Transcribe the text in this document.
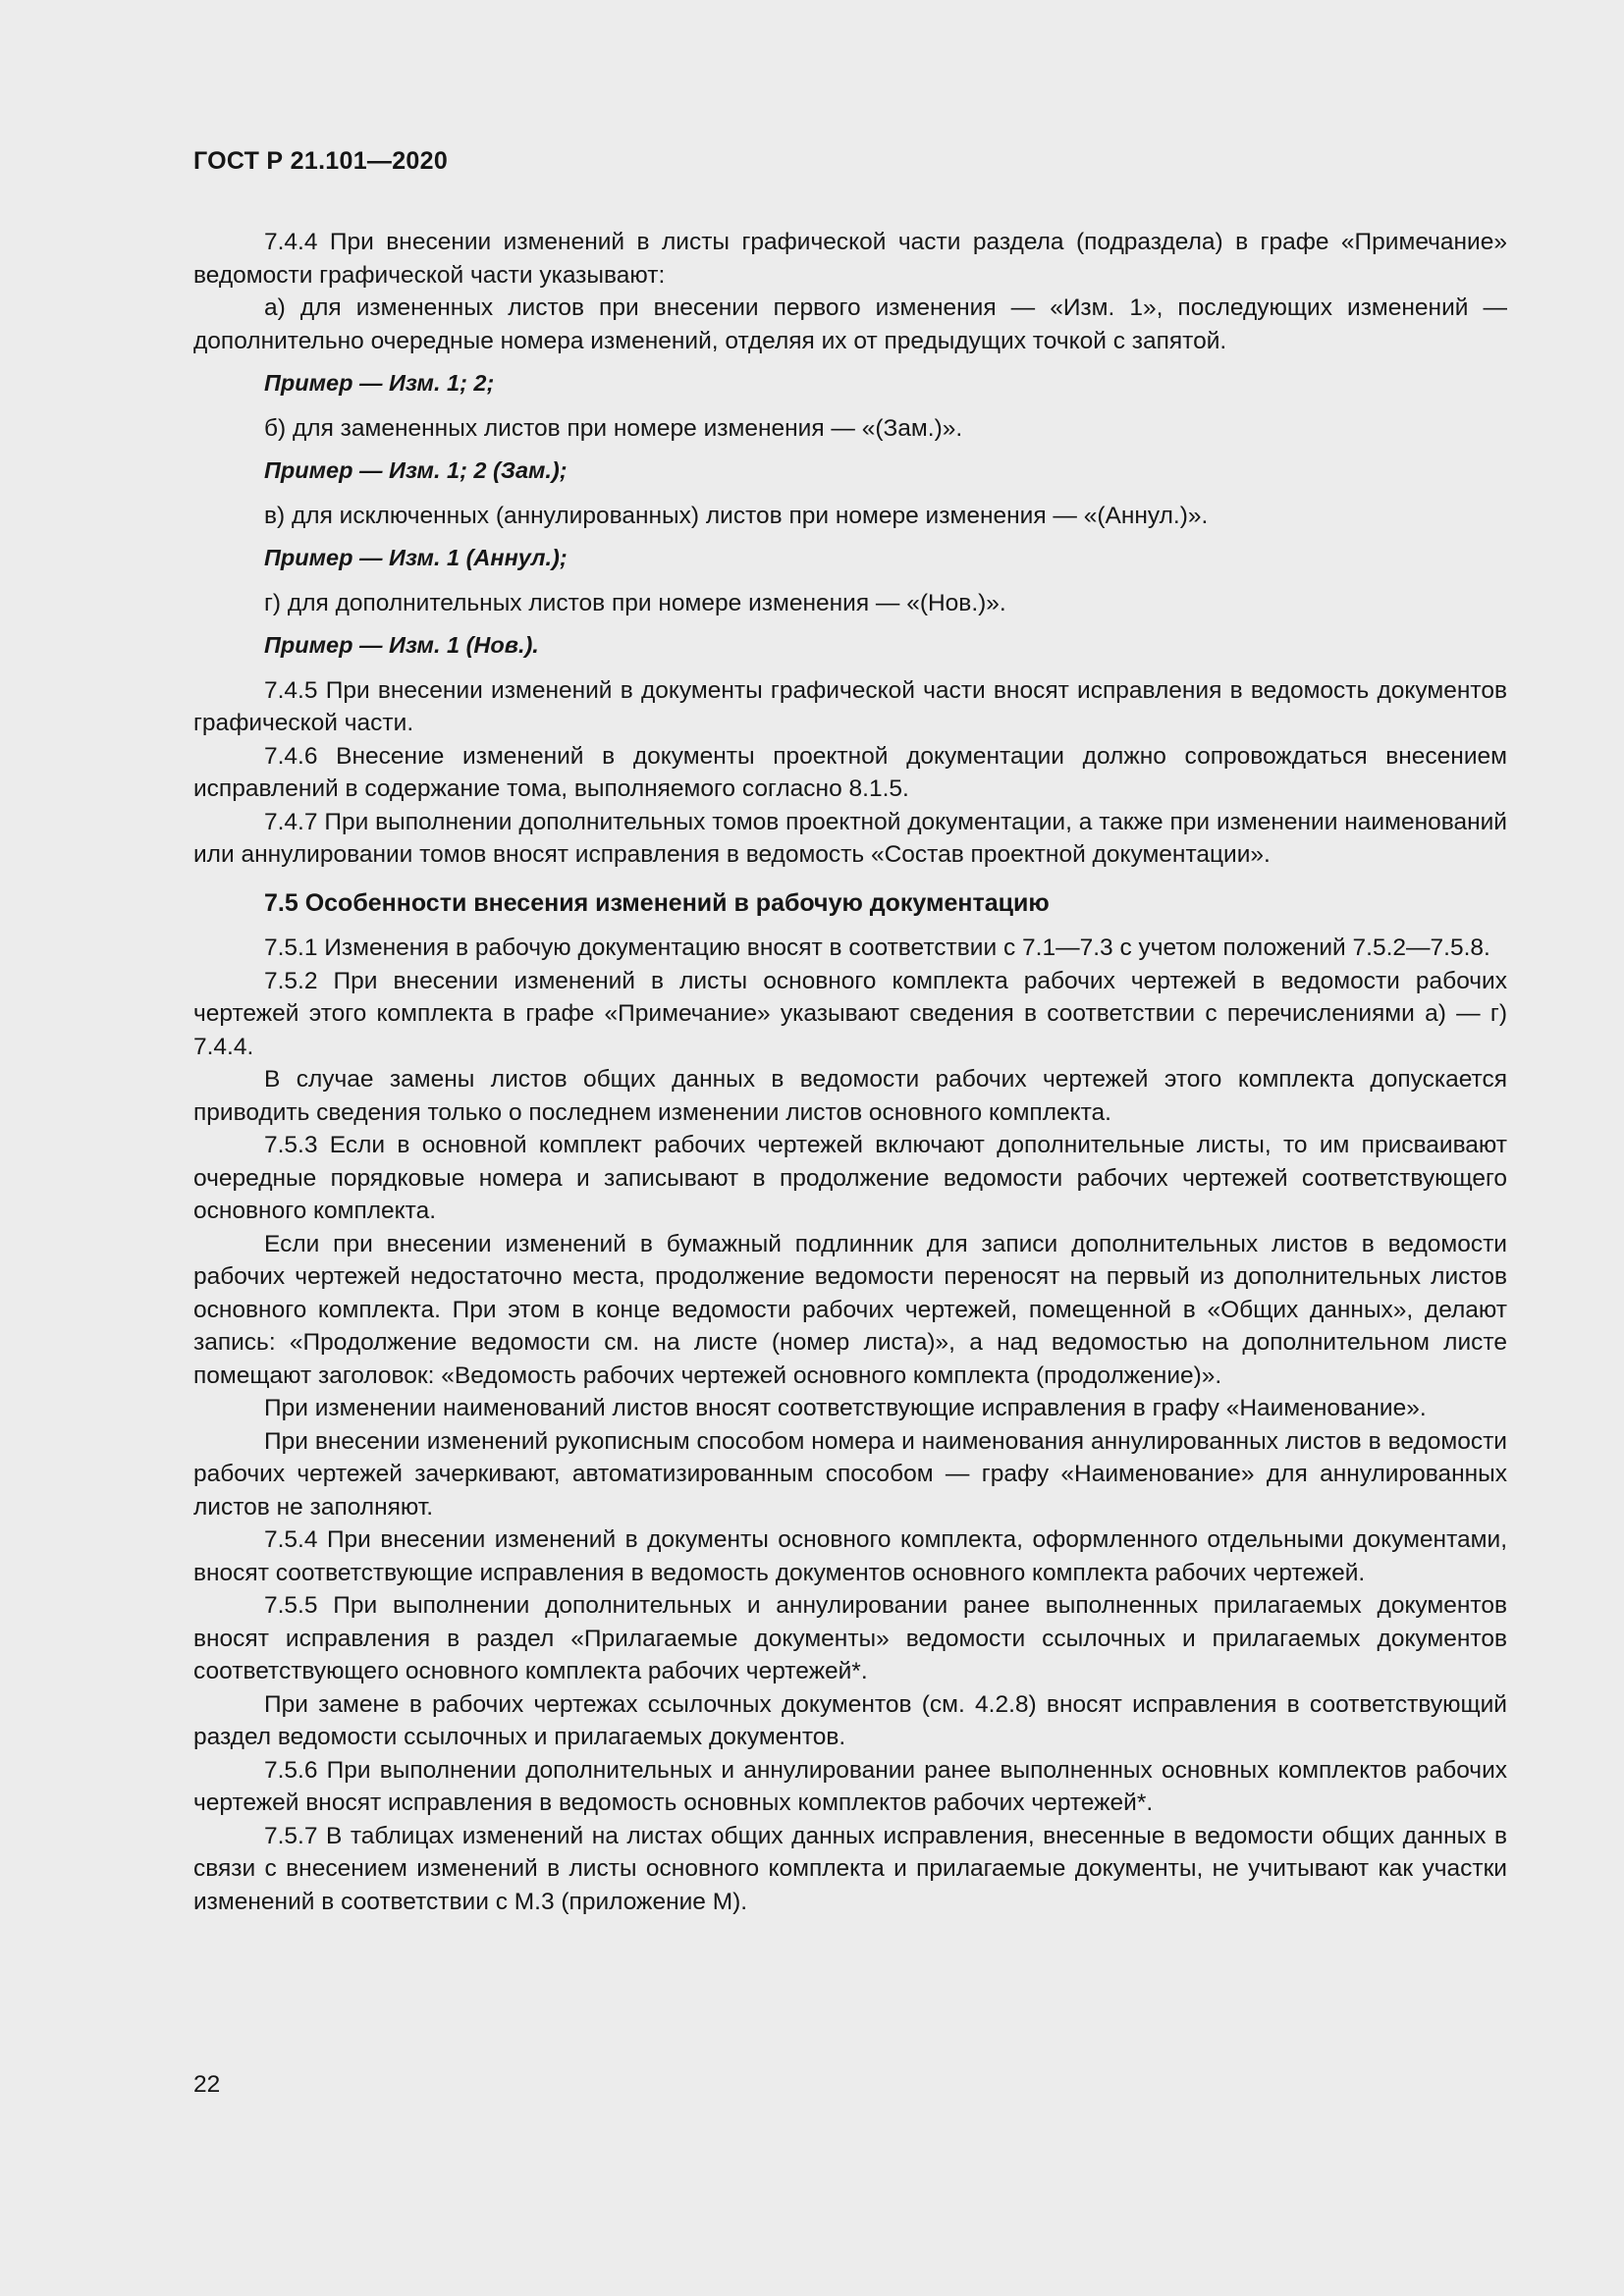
ГОСТ Р 21.101—2020

7.4.4 При внесении изменений в листы графической части раздела (подраздела) в графе «Примечание» ведомости графической части указывают:

а) для измененных листов при внесении первого изменения — «Изм. 1», последующих изменений — дополнительно очередные номера изменений, отделяя их от предыдущих точкой с запятой.

Пример — Изм. 1; 2;

б) для замененных листов при номере изменения — «(Зам.)».

Пример — Изм. 1; 2 (Зам.);

в) для исключенных (аннулированных) листов при номере изменения — «(Аннул.)».

Пример — Изм. 1 (Аннул.);

г) для дополнительных листов при номере изменения — «(Нов.)».

Пример — Изм. 1 (Нов.).

7.4.5 При внесении изменений в документы графической части вносят исправления в ведомость документов графической части.

7.4.6 Внесение изменений в документы проектной документации должно сопровождаться внесением исправлений в содержание тома, выполняемого согласно 8.1.5.

7.4.7 При выполнении дополнительных томов проектной документации, а также при изменении наименований или аннулировании томов вносят исправления в ведомость «Состав проектной документации».

7.5 Особенности внесения изменений в рабочую документацию

7.5.1 Изменения в рабочую документацию вносят в соответствии с 7.1—7.3 с учетом положений 7.5.2—7.5.8.

7.5.2 При внесении изменений в листы основного комплекта рабочих чертежей в ведомости рабочих чертежей этого комплекта в графе «Примечание» указывают сведения в соответствии с перечислениями а) — г) 7.4.4.

В случае замены листов общих данных в ведомости рабочих чертежей этого комплекта допускается приводить сведения только о последнем изменении листов основного комплекта.

7.5.3 Если в основной комплект рабочих чертежей включают дополнительные листы, то им присваивают очередные порядковые номера и записывают в продолжение ведомости рабочих чертежей соответствующего основного комплекта.

Если при внесении изменений в бумажный подлинник для записи дополнительных листов в ведомости рабочих чертежей недостаточно места, продолжение ведомости переносят на первый из дополнительных листов основного комплекта. При этом в конце ведомости рабочих чертежей, помещенной в «Общих данных», делают запись: «Продолжение ведомости см. на листе (номер листа)», а над ведомостью на дополнительном листе помещают заголовок: «Ведомость рабочих чертежей основного комплекта (продолжение)».

При изменении наименований листов вносят соответствующие исправления в графу «Наименование».

При внесении изменений рукописным способом номера и наименования аннулированных листов в ведомости рабочих чертежей зачеркивают, автоматизированным способом — графу «Наименование» для аннулированных листов не заполняют.

7.5.4 При внесении изменений в документы основного комплекта, оформленного отдельными документами, вносят соответствующие исправления в ведомость документов основного комплекта рабочих чертежей.

7.5.5 При выполнении дополнительных и аннулировании ранее выполненных прилагаемых документов вносят исправления в раздел «Прилагаемые документы» ведомости ссылочных и прилагаемых документов соответствующего основного комплекта рабочих чертежей*.

При замене в рабочих чертежах ссылочных документов (см. 4.2.8) вносят исправления в соответствующий раздел ведомости ссылочных и прилагаемых документов.

7.5.6 При выполнении дополнительных и аннулировании ранее выполненных основных комплектов рабочих чертежей вносят исправления в ведомость основных комплектов рабочих чертежей*.

7.5.7 В таблицах изменений на листах общих данных исправления, внесенные в ведомости общих данных в связи с внесением изменений в листы основного комплекта и прилагаемые документы, не учитывают как участки изменений в соответствии с М.3 (приложение М).

22
